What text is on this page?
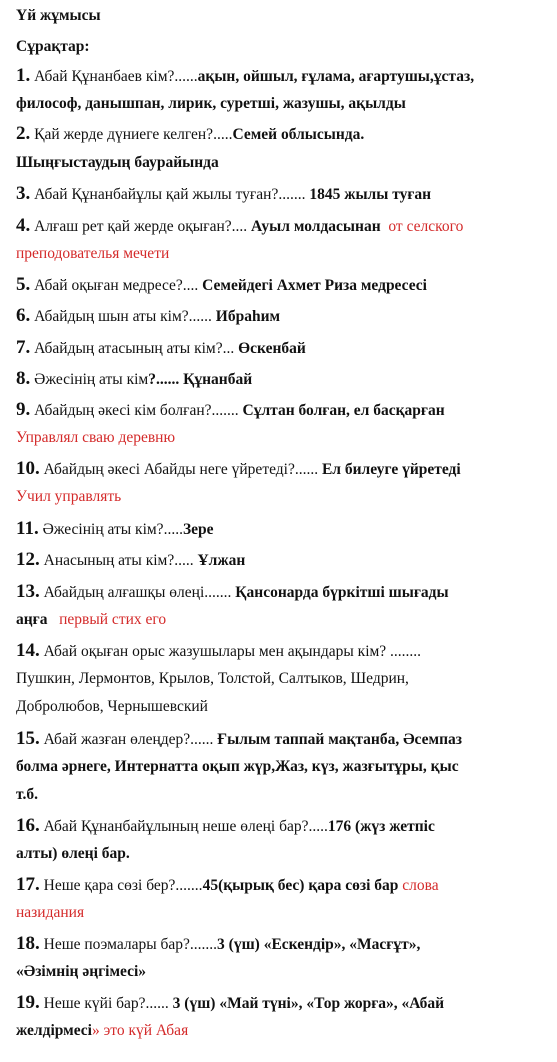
Үй жұмысы
Сұрақтар:
1. Абай Құнанбаев кім?......ақын, ойшыл, ғұлама, ағартушы,ұстаз,
философ, данышпан, лирик, суретші, жазушы, ақылды
2. Қай жерде дүниеге келген?.....Семей облысында.
Шыңғыстаудың баурайында
3. Абай Құнанбайұлы қай жылы туған?....... 1845 жылы туған
4. Алғаш рет қай жерде оқыған?.... Ауыл молдасынан от селского
преподователья мечети
5. Абай оқыған медресе?.... Семейдегі Ахмет Риза медресесі
6. Абайдың шын аты кім?...... Ибраһим
7. Абайдың атасының аты кім?... Өскенбай
8. Әжесінің аты кім?...... Құнанбай
9. Абайдың әкесі кім болған?....... Сұлтан болған, ел басқарған
Управлял сваю деревню
10. Абайдың әкесі Абайды неге үйретеді?...... Ел билеуге үйретеді
Учил управлять
11. Әжесінің аты кім?.....Зере
12. Анасының аты кім?..... Ұлжан
13. Абайдың алғашқы өлеңі....... Қансонарда бүркітші шығады
аңға первый стих его
14. Абай оқыған орыс жазушылары мен ақындары кім? ........
Пушкин, Лермонтов, Крылов, Толстой, Салтыков, Шедрин,
Добролюбов, Чернышевский
15. Абай жазған өлеңдер?...... Ғылым таппай мақтанба, Әсемпаз
болма әрнеге, Интернатта оқып жүр,Жаз, күз, жазғытұры, қыс
т.б.
16. Абай Құнанбайұлының неше өлеңі бар?.....176 (жүз жетпіс
алты) өлеңі бар.
17. Неше қара сөзі бер?.......45(қырық бес) қара сөзі бар слова
назидания
18. Неше поэмалары бар?.......3 (үш) «Ескендір», «Масғұт»,
«Әзімнің әңгімесі»
19. Неше күйі бар?...... 3 (үш) «Май түні», «Тор жорға», «Абай
желдірмесі» это күй Абая
